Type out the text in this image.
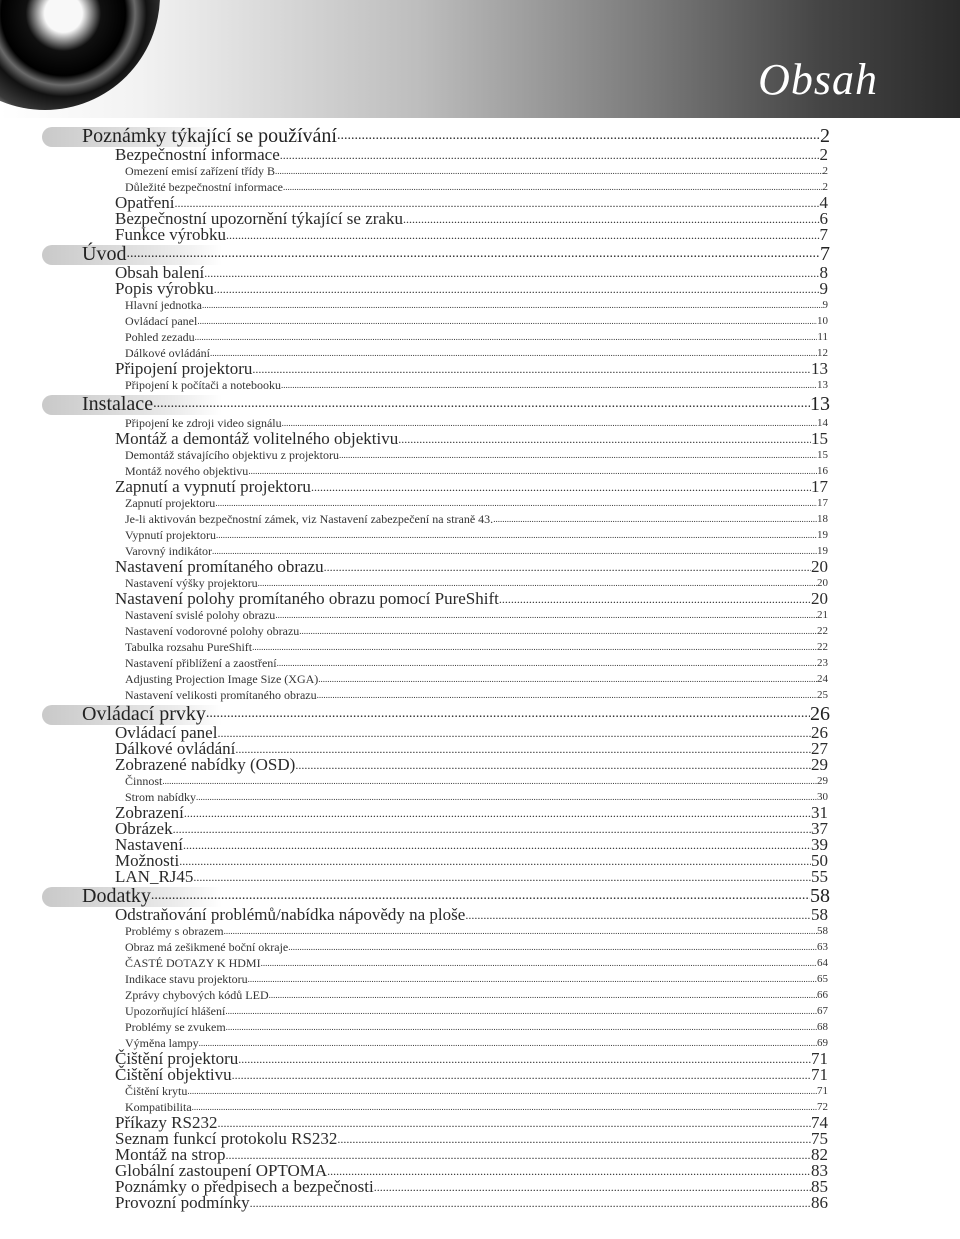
Obsah
Poznámky týkající se používání .....	2
Bezpečnostní informace .....	2
Omezení emisí zařízení třídy B .....	2
Důležité bezpečnostní informace .....	2
Opatření .....	4
Bezpečnostní upozornění týkající se zraku .....	6
Funkce výrobku .....	7
Úvod .....	7
Obsah balení .....	8
Popis výrobku .....	9
Hlavní jednotka .....	9
Ovládací panel .....	10
Pohled zezadu .....	11
Dálkové ovládání .....	12
Připojení projektoru .....	13
Připojení k počítači a notebooku .....	13
Instalace .....	13
Připojení ke zdroji video signálu .....	14
Montáž a demontáž volitelného objektivu .....	15
Demontáž stávajícího objektivu z projektoru .....	15
Montáž nového objektivu .....	16
Zapnutí a vypnutí projektoru .....	17
Zapnutí projektoru .....	17
Je-li aktivován bezpečnostní zámek, viz Nastavení zabezpečení na straně 43. .....	18
Vypnutí projektoru .....	19
Varovný indikátor .....	19
Nastavení promítaného obrazu .....	20
Nastavení výšky projektoru .....	20
Nastavení polohy promítaného obrazu pomocí PureShift .....	20
Nastavení svislé polohy obrazu .....	21
Nastavení vodorovné polohy obrazu .....	22
Tabulka rozsahu PureShift .....	22
Nastavení přiblížení a zaostření .....	23
Adjusting Projection Image Size (XGA) .....	24
Nastavení velikosti promítaného obrazu .....	25
Ovládací prvky .....	26
Ovládací panel .....	26
Dálkové ovládání .....	27
Zobrazené nabídky (OSD) .....	29
Činnost .....	29
Strom nabídky .....	30
Zobrazení .....	31
Obrázek .....	37
Nastavení .....	39
Možnosti .....	50
LAN_RJ45 .....	55
Dodatky .....	58
Odstraňování problémů/nabídka nápovědy na ploše .....	58
Problémy s obrazem .....	58
Obraz má zešikmené boční okraje .....	63
ČASTÉ DOTAZY K HDMI .....	64
Indikace stavu projektoru .....	65
Zprávy chybových kódů LED .....	66
Upozorňující hlášení .....	67
Problémy se zvukem .....	68
Výměna lampy .....	69
Čištění projektoru .....	71
Čištění objektivu .....	71
Čištění krytu .....	71
Kompatibilita .....	72
Příkazy RS232 .....	74
Seznam funkcí protokolu RS232 .....	75
Montáž na strop .....	82
Globální zastoupení OPTOMA .....	83
Poznámky o předpisech a bezpečnosti .....	85
Provozní podmínky .....	86
